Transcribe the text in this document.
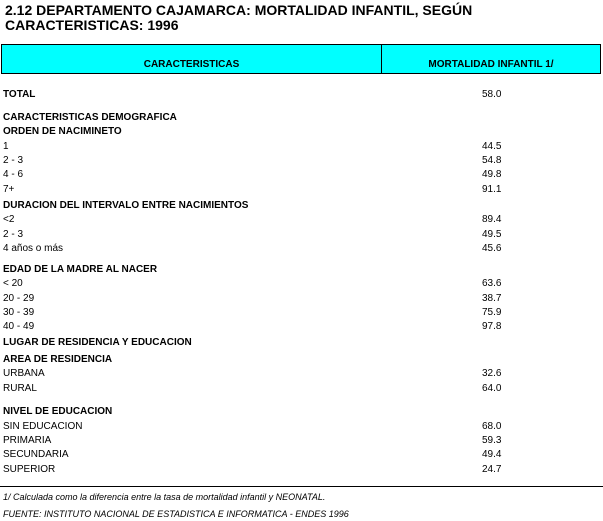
2.12 DEPARTAMENTO CAJAMARCA: MORTALIDAD INFANTIL, SEGÚN
CARACTERISTICAS: 1996
CARACTERISTICAS	MORTALIDAD INFANTIL 1/
TOTAL	58.0
CARACTERISTICAS DEMOGRAFICA
ORDEN DE NACIMINETO
1	44.5
2 - 3	54.8
4 - 6	49.8
7+	91.1
DURACION DEL INTERVALO ENTRE NACIMIENTOS
<2	89.4
2 - 3	49.5
4 años o más	45.6
EDAD DE LA MADRE AL NACER
< 20	63.6
20 - 29	38.7
30 - 39	75.9
40 - 49	97.8
LUGAR DE RESIDENCIA Y EDUCACION
AREA DE RESIDENCIA
URBANA	32.6
RURAL	64.0
NIVEL DE EDUCACION
SIN EDUCACION	68.0
PRIMARIA	59.3
SECUNDARIA	49.4
SUPERIOR	24.7
1/ Calculada como la diferencia entre la tasa de mortalidad infantil y NEONATAL.
FUENTE: INSTITUTO NACIONAL DE ESTADISTICA E INFORMATICA - ENDES 1996
